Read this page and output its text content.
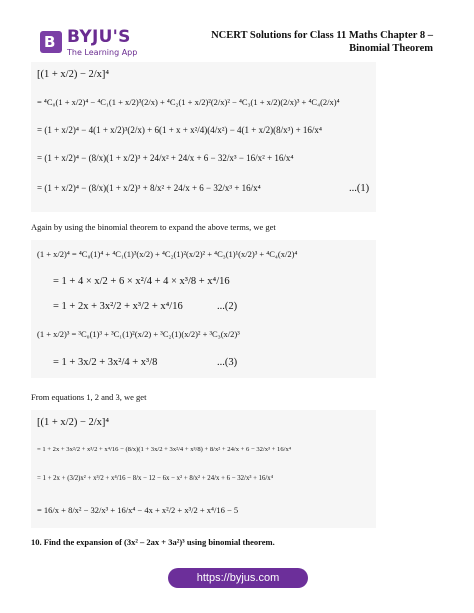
B BYJU'S
The Learning App
NCERT Solutions for Class 11 Maths Chapter 8 –
Binomial Theorem
[(1 + x/2) − 2/x]⁴
= ⁴C₀(1 + x/2)⁴ − ⁴C₁(1 + x/2)³(2/x) + ⁴C₂(1 + x/2)²(2/x)² − ⁴C₃(1 + x/2)(2/x)³ + ⁴C₄(2/x)⁴
= (1 + x/2)⁴ − 4(1 + x/2)³(2/x) + 6(1 + x + x²/4)(4/x²) − 4(1 + x/2)(8/x³) + 16/x⁴
= (1 + x/2)⁴ − (8/x)(1 + x/2)³ + 24/x² + 24/x + 6 − 32/x³ − 16/x² + 16/x⁴
= (1 + x/2)⁴ − (8/x)(1 + x/2)³ + 8/x² + 24/x + 6 − 32/x³ + 16/x⁴	...(1)
Again by using the binomial theorem to expand the above terms, we get
(1 + x/2)⁴ = ⁴C₀(1)⁴ + ⁴C₁(1)³(x/2) + ⁴C₂(1)²(x/2)² + ⁴C₃(1)¹(x/2)³ + ⁴C₄(x/2)⁴
= 1 + 4 × x/2 + 6 × x²/4 + 4 × x³/8 + x⁴/16
= 1 + 2x + 3x²/2 + x³/2 + x⁴/16	...(2)
(1 + x/2)³ = ³C₀(1)³ + ³C₁(1)²(x/2) + ³C₂(1)(x/2)² + ³C₃(x/2)³
= 1 + 3x/2 + 3x²/4 + x³/8	...(3)
From equations 1, 2 and 3, we get
[(1 + x/2) − 2/x]⁴
= 1 + 2x + 3x²/2 + x³/2 + x⁴/16 − (8/x)(1 + 3x/2 + 3x²/4 + x³/8) + 8/x² + 24/x + 6 − 32/x³ + 16/x⁴
= 1 + 2x + (3/2)x² + x³/2 + x⁴/16 − 8/x − 12 − 6x − x² + 8/x² + 24/x + 6 − 32/x³ + 16/x⁴
= 16/x + 8/x² − 32/x³ + 16/x⁴ − 4x + x²/2 + x³/2 + x⁴/16 − 5
10. Find the expansion of (3x² – 2ax + 3a²)³ using binomial theorem.
https://byjus.com
